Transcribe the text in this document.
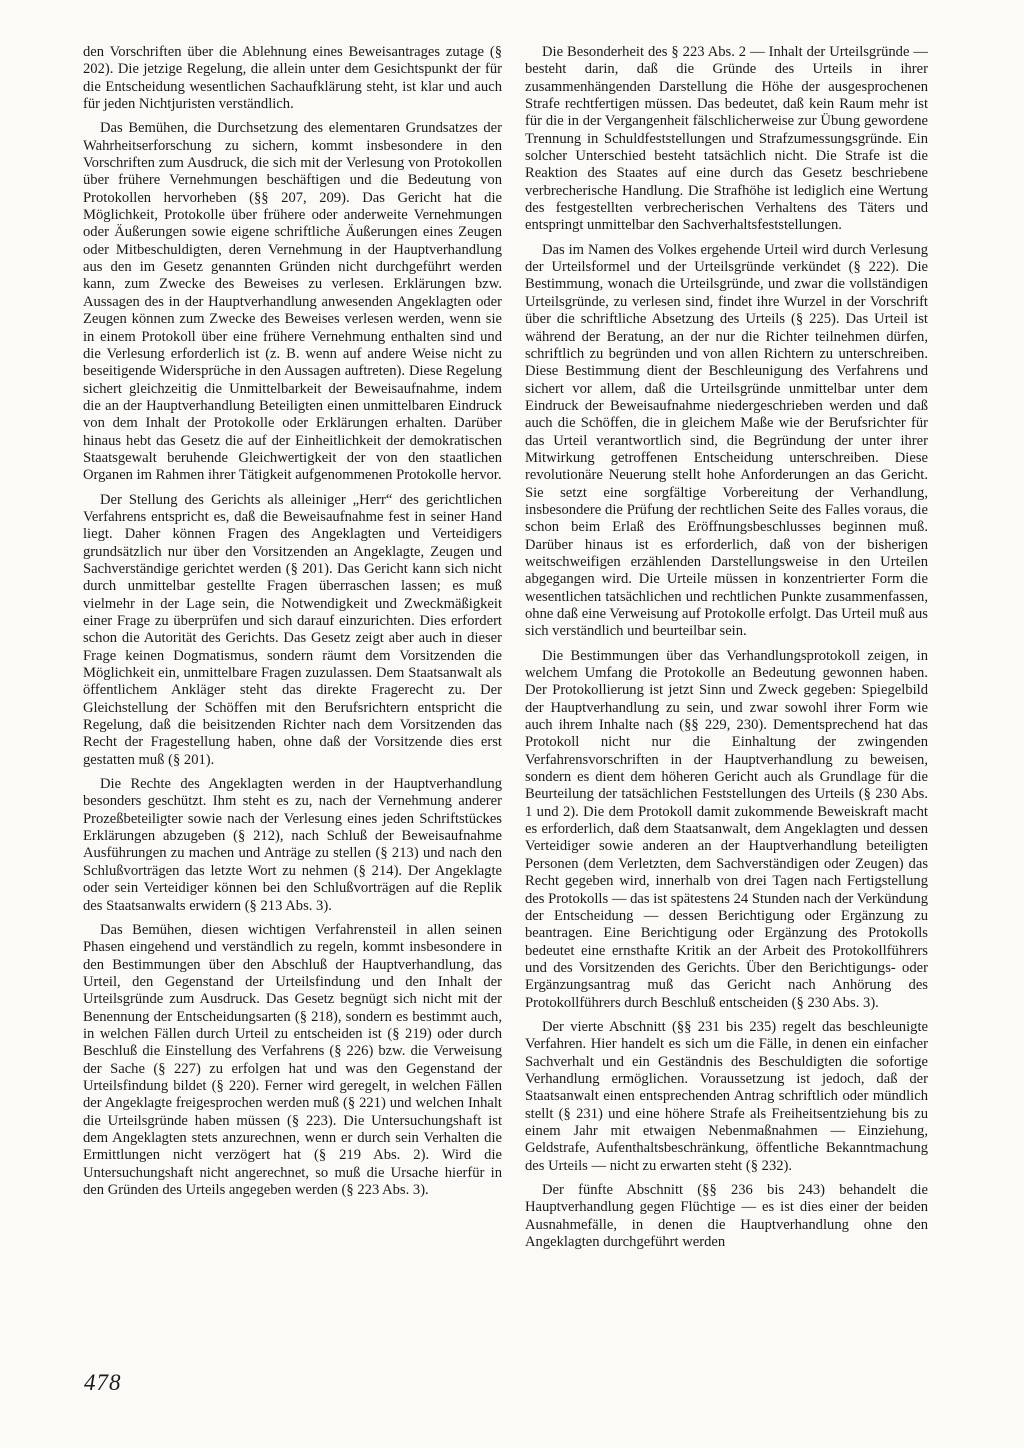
den Vorschriften über die Ablehnung eines Beweisantrages zutage (§ 202). Die jetzige Regelung, die allein unter dem Gesichtspunkt der für die Entscheidung wesentlichen Sachaufklärung steht, ist klar und auch für jeden Nichtjuristen verständlich.

Das Bemühen, die Durchsetzung des elementaren Grundsatzes der Wahrheitserforschung zu sichern, kommt insbesondere in den Vorschriften zum Ausdruck, die sich mit der Verlesung von Protokollen über frühere Vernehmungen beschäftigen und die Bedeutung von Protokollen hervorheben (§§ 207, 209). Das Gericht hat die Möglichkeit, Protokolle über frühere oder anderweite Vernehmungen oder Äußerungen sowie eigene schriftliche Äußerungen eines Zeugen oder Mitbeschuldigten, deren Vernehmung in der Hauptverhandlung aus den im Gesetz genannten Gründen nicht durchgeführt werden kann, zum Zwecke des Beweises zu verlesen. Erklärungen bzw. Aussagen des in der Hauptverhandlung anwesenden Angeklagten oder Zeugen können zum Zwecke des Beweises verlesen werden, wenn sie in einem Protokoll über eine frühere Vernehmung enthalten sind und die Verlesung erforderlich ist (z. B. wenn auf andere Weise nicht zu beseitigende Widersprüche in den Aussagen auftreten). Diese Regelung sichert gleichzeitig die Unmittelbarkeit der Beweisaufnahme, indem die an der Hauptverhandlung Beteiligten einen unmittelbaren Eindruck von dem Inhalt der Protokolle oder Erklärungen erhalten. Darüber hinaus hebt das Gesetz die auf der Einheitlichkeit der demokratischen Staatsgewalt beruhende Gleichwertigkeit der von den staatlichen Organen im Rahmen ihrer Tätigkeit aufgenommenen Protokolle hervor.

Der Stellung des Gerichts als alleiniger „Herr“ des gerichtlichen Verfahrens entspricht es, daß die Beweisaufnahme fest in seiner Hand liegt. Daher können Fragen des Angeklagten und Verteidigers grundsätzlich nur über den Vorsitzenden an Angeklagte, Zeugen und Sachverständige gerichtet werden (§ 201). Das Gericht kann sich nicht durch unmittelbar gestellte Fragen überraschen lassen; es muß vielmehr in der Lage sein, die Notwendigkeit und Zweckmäßigkeit einer Frage zu überprüfen und sich darauf einzurichten. Dies erfordert schon die Autorität des Gerichts. Das Gesetz zeigt aber auch in dieser Frage keinen Dogmatismus, sondern räumt dem Vorsitzenden die Möglichkeit ein, unmittelbare Fragen zuzulassen. Dem Staatsanwalt als öffentlichem Ankläger steht das direkte Fragerecht zu. Der Gleichstellung der Schöffen mit den Berufsrichtern entspricht die Regelung, daß die beisitzenden Richter nach dem Vorsitzenden das Recht der Fragestellung haben, ohne daß der Vorsitzende dies erst gestatten muß (§ 201).

Die Rechte des Angeklagten werden in der Hauptverhandlung besonders geschützt. Ihm steht es zu, nach der Vernehmung anderer Prozeßbeteiligter sowie nach der Verlesung eines jeden Schriftstückes Erklärungen abzugeben (§ 212), nach Schluß der Beweisaufnahme Ausführungen zu machen und Anträge zu stellen (§ 213) und nach den Schlußvorträgen das letzte Wort zu nehmen (§ 214). Der Angeklagte oder sein Verteidiger können bei den Schlußvorträgen auf die Replik des Staatsanwalts erwidern (§ 213 Abs. 3).

Das Bemühen, diesen wichtigen Verfahrensteil in allen seinen Phasen eingehend und verständlich zu regeln, kommt insbesondere in den Bestimmungen über den Abschluß der Hauptverhandlung, das Urteil, den Gegenstand der Urteilsfindung und den Inhalt der Urteilsgründe zum Ausdruck. Das Gesetz begnügt sich nicht mit der Benennung der Entscheidungsarten (§ 218), sondern es bestimmt auch, in welchen Fällen durch Urteil zu entscheiden ist (§ 219) oder durch Beschluß die Einstellung des Verfahrens (§ 226) bzw. die Verweisung der Sache (§ 227) zu erfolgen hat und was den Gegenstand der Urteilsfindung bildet (§ 220). Ferner wird geregelt, in welchen Fällen der Angeklagte freigesprochen werden muß (§ 221) und welchen Inhalt die Urteilsgründe haben müssen (§ 223). Die Untersuchungshaft ist dem Angeklagten stets anzurechnen, wenn er durch sein Verhalten die Ermittlungen nicht verzögert hat (§ 219 Abs. 2). Wird die Untersuchungshaft nicht angerechnet, so muß die Ursache hierfür in den Gründen des Urteils angegeben werden (§ 223 Abs. 3).

Die Besonderheit des § 223 Abs. 2 — Inhalt der Urteilsgründe — besteht darin, daß die Gründe des Urteils in ihrer zusammenhängenden Darstellung die Höhe der ausgesprochenen Strafe rechtfertigen müssen. Das bedeutet, daß kein Raum mehr ist für die in der Vergangenheit fälschlicherweise zur Übung gewordene Trennung in Schuldfeststellungen und Strafzumessungsgründe. Ein solcher Unterschied besteht tatsächlich nicht. Die Strafe ist die Reaktion des Staates auf eine durch das Gesetz beschriebene verbrecherische Handlung. Die Strafhöhe ist lediglich eine Wertung des festgestellten verbrecherischen Verhaltens des Täters und entspringt unmittelbar den Sachverhaltsfeststellungen.

Das im Namen des Volkes ergehende Urteil wird durch Verlesung der Urteilsformel und der Urteilsgründe verkündet (§ 222). Die Bestimmung, wonach die Urteilsgründe, und zwar die vollständigen Urteilsgründe, zu verlesen sind, findet ihre Wurzel in der Vorschrift über die schriftliche Absetzung des Urteils (§ 225). Das Urteil ist während der Beratung, an der nur die Richter teilnehmen dürfen, schriftlich zu begründen und von allen Richtern zu unterschreiben. Diese Bestimmung dient der Beschleunigung des Verfahrens und sichert vor allem, daß die Urteilsgründe unmittelbar unter dem Eindruck der Beweisaufnahme niedergeschrieben werden und daß auch die Schöffen, die in gleichem Maße wie der Berufsrichter für das Urteil verantwortlich sind, die Begründung der unter ihrer Mitwirkung getroffenen Entscheidung unterschreiben. Diese revolutionäre Neuerung stellt hohe Anforderungen an das Gericht. Sie setzt eine sorgfältige Vorbereitung der Verhandlung, insbesondere die Prüfung der rechtlichen Seite des Falles voraus, die schon beim Erlaß des Eröffnungsbeschlusses beginnen muß. Darüber hinaus ist es erforderlich, daß von der bisherigen weitschweifigen erzählenden Darstellungsweise in den Urteilen abgegangen wird. Die Urteile müssen in konzentrierter Form die wesentlichen tatsächlichen und rechtlichen Punkte zusammenfassen, ohne daß eine Verweisung auf Protokolle erfolgt. Das Urteil muß aus sich verständlich und beurteilbar sein.

Die Bestimmungen über das Verhandlungsprotokoll zeigen, in welchem Umfang die Protokolle an Bedeutung gewonnen haben. Der Protokollierung ist jetzt Sinn und Zweck gegeben: Spiegelbild der Hauptverhandlung zu sein, und zwar sowohl ihrer Form wie auch ihrem Inhalte nach (§§ 229, 230). Dementsprechend hat das Protokoll nicht nur die Einhaltung der zwingenden Verfahrensvorschriften in der Hauptverhandlung zu beweisen, sondern es dient dem höheren Gericht auch als Grundlage für die Beurteilung der tatsächlichen Feststellungen des Urteils (§ 230 Abs. 1 und 2). Die dem Protokoll damit zukommende Beweiskraft macht es erforderlich, daß dem Staatsanwalt, dem Angeklagten und dessen Verteidiger sowie anderen an der Hauptverhandlung beteiligten Personen (dem Verletzten, dem Sachverständigen oder Zeugen) das Recht gegeben wird, innerhalb von drei Tagen nach Fertigstellung des Protokolls — das ist spätestens 24 Stunden nach der Verkündung der Entscheidung — dessen Berichtigung oder Ergänzung zu beantragen. Eine Berichtigung oder Ergänzung des Protokolls bedeutet eine ernsthafte Kritik an der Arbeit des Protokollführers und des Vorsitzenden des Gerichts. Über den Berichtigungs- oder Ergänzungsantrag muß das Gericht nach Anhörung des Protokollführers durch Beschluß entscheiden (§ 230 Abs. 3).

Der vierte Abschnitt (§§ 231 bis 235) regelt das beschleunigte Verfahren. Hier handelt es sich um die Fälle, in denen ein einfacher Sachverhalt und ein Geständnis des Beschuldigten die sofortige Verhandlung ermöglichen. Voraussetzung ist jedoch, daß der Staatsanwalt einen entsprechenden Antrag schriftlich oder mündlich stellt (§ 231) und eine höhere Strafe als Freiheitsentziehung bis zu einem Jahr mit etwaigen Nebenmaßnahmen — Einziehung, Geldstrafe, Aufenthaltsbeschränkung, öffentliche Bekanntmachung des Urteils — nicht zu erwarten steht (§ 232).

Der fünfte Abschnitt (§§ 236 bis 243) behandelt die Hauptverhandlung gegen Flüchtige — es ist dies einer der beiden Ausnahmefälle, in denen die Hauptverhandlung ohne den Angeklagten durchgeführt werden

478
